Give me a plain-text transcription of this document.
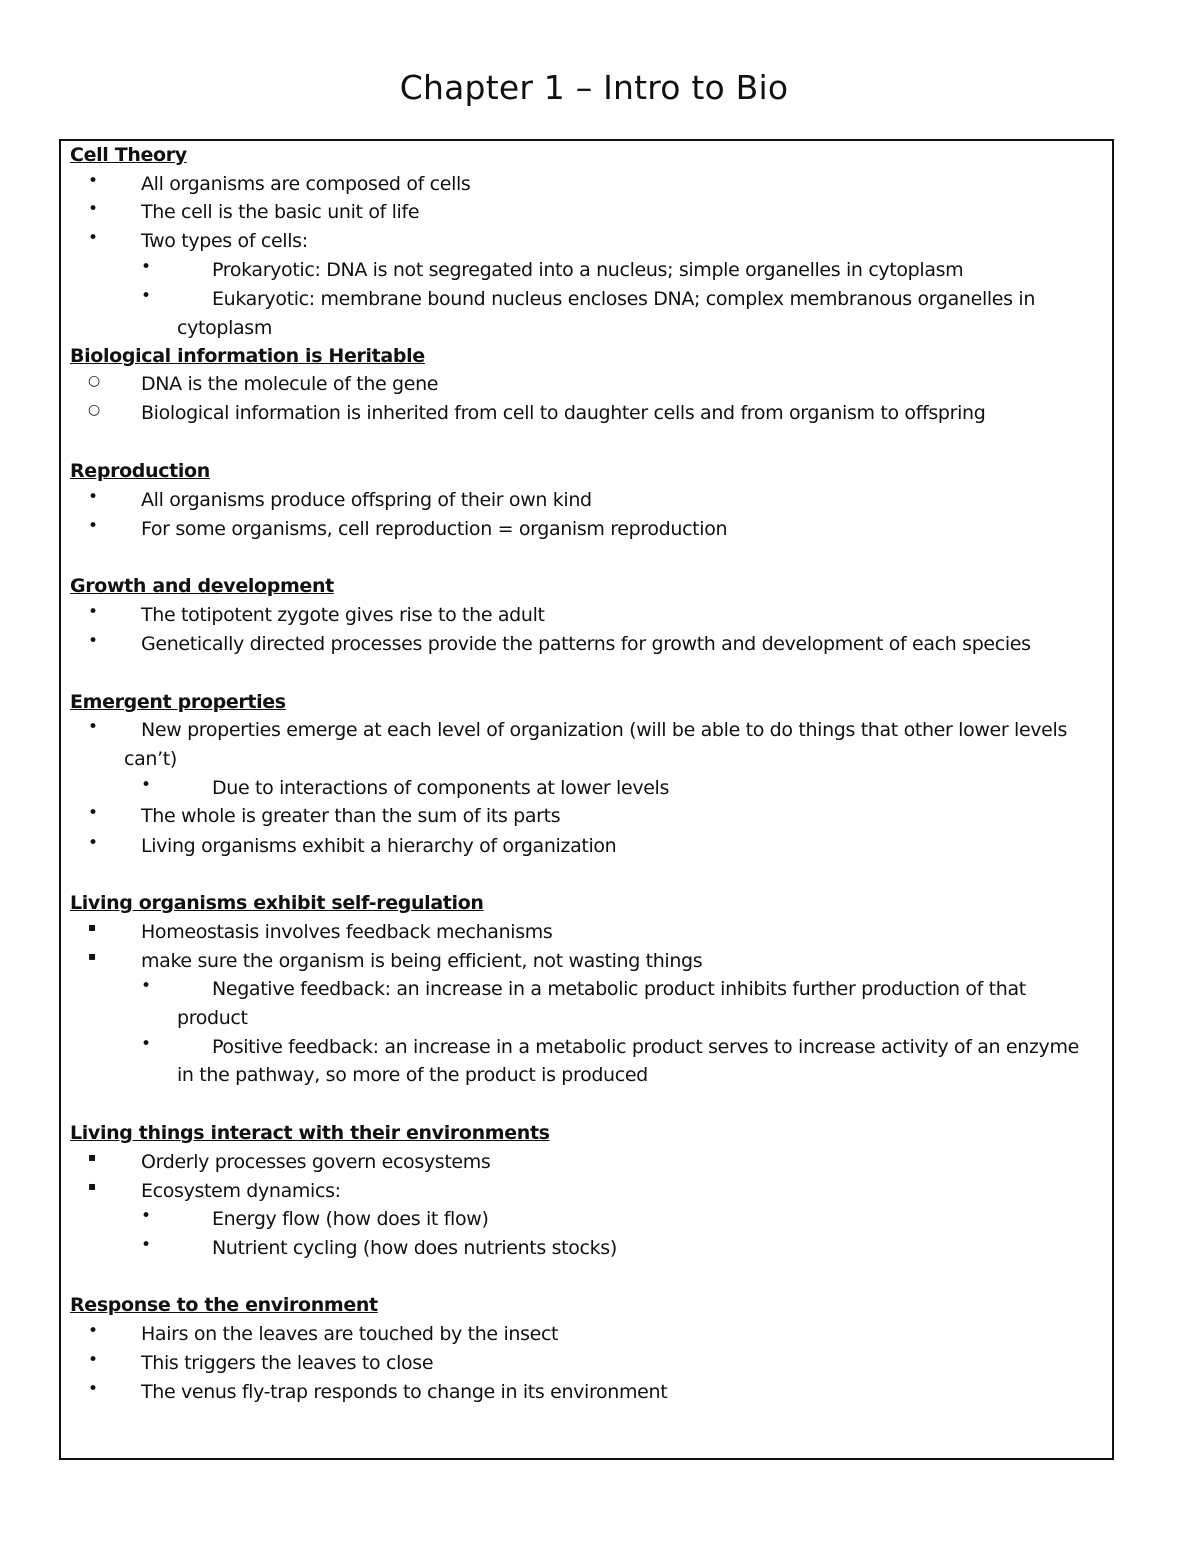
Chapter 1 – Intro to Bio
Cell Theory
• All organisms are composed of cells
• The cell is the basic unit of life
• Two types of cells:
•	Prokaryotic: DNA is not segregated into a nucleus; simple organelles in cytoplasm
•	Eukaryotic: membrane bound nucleus encloses DNA; complex membranous organelles in
cytoplasm
Biological information is Heritable
○ DNA is the molecule of the gene
○ Biological information is inherited from cell to daughter cells and from organism to offspring
Reproduction
• All organisms produce offspring of their own kind
• For some organisms, cell reproduction = organism reproduction
Growth and development
• The totipotent zygote gives rise to the adult
• Genetically directed processes provide the patterns for growth and development of each species
Emergent properties
• New properties emerge at each level of organization (will be able to do things that other lower levels
can’t)
•	Due to interactions of components at lower levels
• The whole is greater than the sum of its parts
• Living organisms exhibit a hierarchy of organization
Living organisms exhibit self-regulation
▪ Homeostasis involves feedback mechanisms
▪ make sure the organism is being efficient, not wasting things
•	Negative feedback: an increase in a metabolic product inhibits further production of that
product
•	Positive feedback: an increase in a metabolic product serves to increase activity of an enzyme
in the pathway, so more of the product is produced
Living things interact with their environments
▪ Orderly processes govern ecosystems
▪ Ecosystem dynamics:
•	Energy flow (how does it flow)
•	Nutrient cycling (how does nutrients stocks)
Response to the environment
• Hairs on the leaves are touched by the insect
• This triggers the leaves to close
• The venus fly-trap responds to change in its environment
